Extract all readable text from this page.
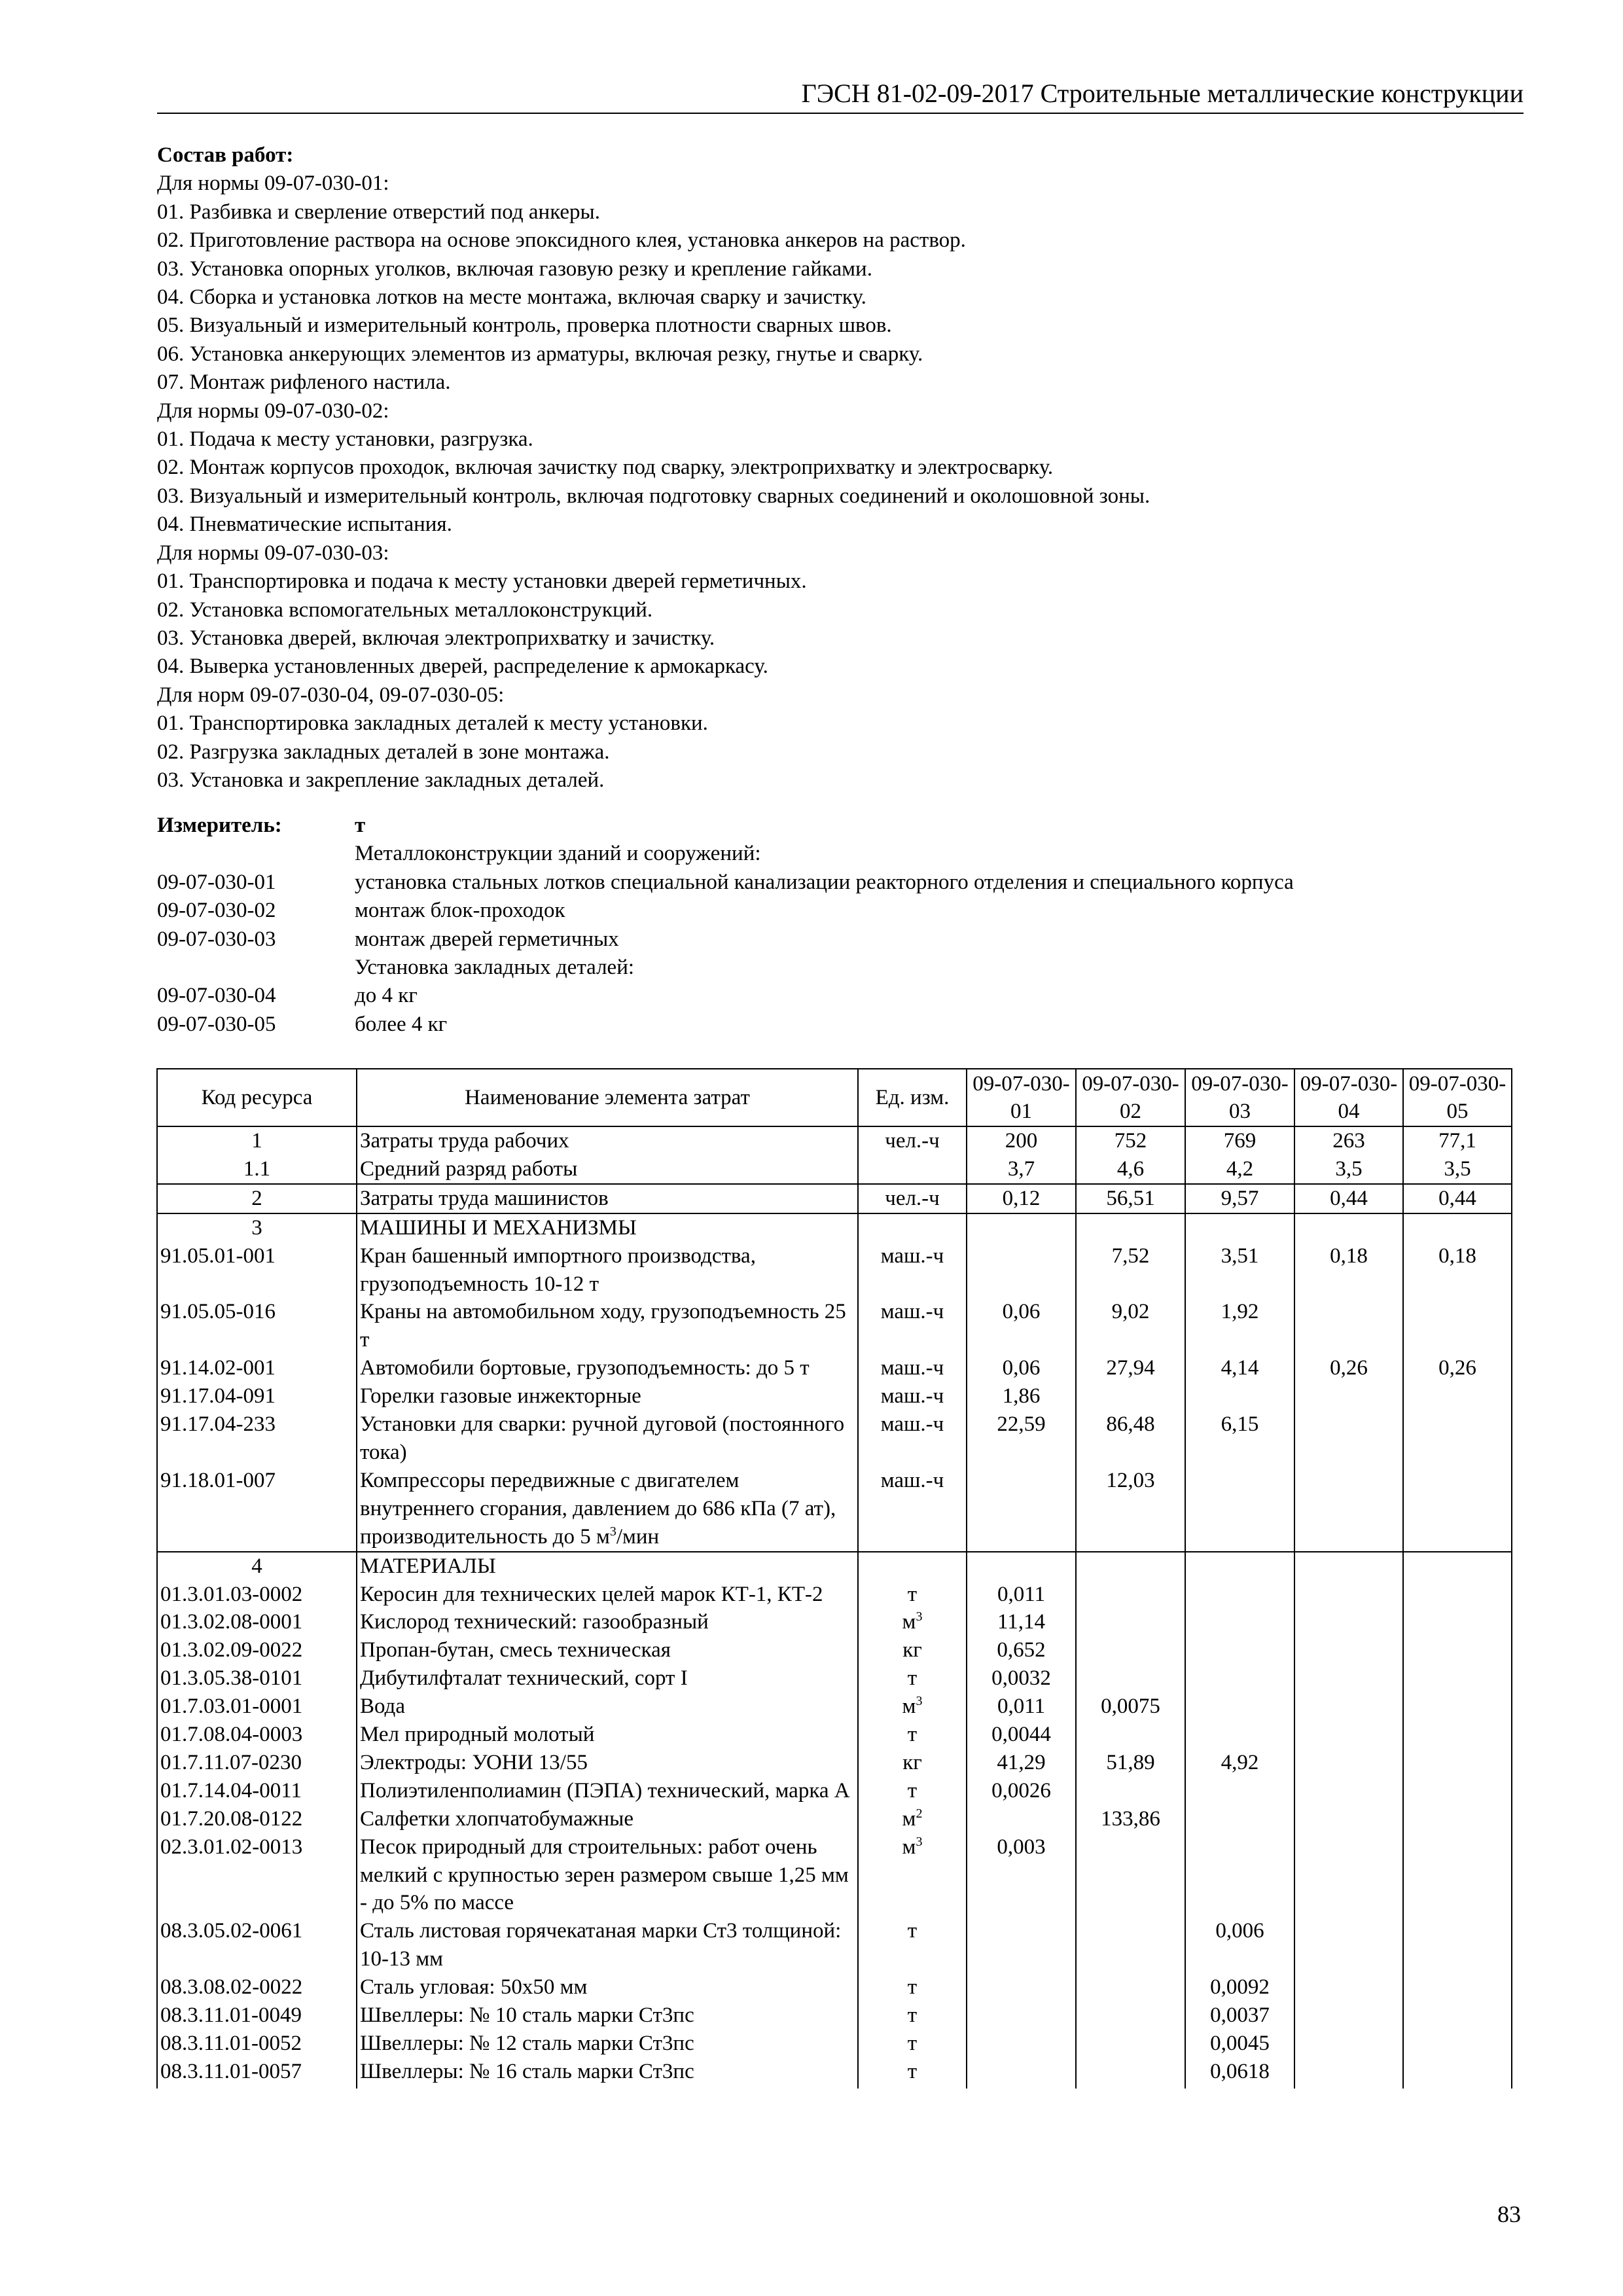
ГЭСН 81-02-09-2017 Строительные металлические конструкции
Состав работ:
Для нормы 09-07-030-01:
01. Разбивка и сверление отверстий под анкеры.
02. Приготовление раствора на основе эпоксидного клея, установка анкеров на раствор.
03. Установка опорных уголков, включая газовую резку и крепление гайками.
04. Сборка и установка лотков на месте монтажа, включая сварку и зачистку.
05. Визуальный и измерительный контроль, проверка плотности сварных швов.
06. Установка анкерующих элементов из арматуры, включая резку, гнутье и сварку.
07. Монтаж рифленого настила.
Для нормы 09-07-030-02:
01. Подача к месту установки, разгрузка.
02. Монтаж корпусов проходок, включая зачистку под сварку, электроприхватку и электросварку.
03. Визуальный и измерительный контроль, включая подготовку сварных соединений и околошовной зоны.
04. Пневматические испытания.
Для нормы 09-07-030-03:
01. Транспортировка и подача к месту установки дверей герметичных.
02. Установка вспомогательных металлоконструкций.
03. Установка дверей, включая электроприхватку и зачистку.
04. Выверка установленных дверей, распределение к армокаркасу.
Для норм 09-07-030-04, 09-07-030-05:
01. Транспортировка закладных деталей к месту установки.
02. Разгрузка закладных деталей в зоне монтажа.
03. Установка и закрепление закладных деталей.
Измеритель:	т
Металлоконструкции зданий и сооружений:
09-07-030-01	установка стальных лотков специальной канализации реакторного отделения и специального корпуса
09-07-030-02	монтаж блок-проходок
09-07-030-03	монтаж дверей герметичных
Установка закладных деталей:
09-07-030-04	до 4 кг
09-07-030-05	более 4 кг
Код ресурса	Наименование элемента затрат	Ед. изм.	09-07-030-01	09-07-030-02	09-07-030-03	09-07-030-04	09-07-030-05
1	Затраты труда рабочих	чел.-ч	200	752	769	263	77,1
1.1	Средний разряд работы		3,7	4,6	4,2	3,5	3,5
2	Затраты труда машинистов	чел.-ч	0,12	56,51	9,57	0,44	0,44
3	МАШИНЫ И МЕХАНИЗМЫ						
91.05.01-001	Кран башенный импортного производства, грузоподъемность 10-12 т	маш.-ч		7,52	3,51	0,18	0,18
91.05.05-016	Краны на автомобильном ходу, грузоподъемность 25 т	маш.-ч	0,06	9,02	1,92		
91.14.02-001	Автомобили бортовые, грузоподъемность: до 5 т	маш.-ч	0,06	27,94	4,14	0,26	0,26
91.17.04-091	Горелки газовые инжекторные	маш.-ч	1,86				
91.17.04-233	Установки для сварки: ручной дуговой (постоянного тока)	маш.-ч	22,59	86,48	6,15		
91.18.01-007	Компрессоры передвижные с двигателем внутреннего сгорания, давлением до 686 кПа (7 ат), производительность до 5 $м^3$/мин	маш.-ч		12,03			
4	МАТЕРИАЛЫ						
01.3.01.03-0002	Керосин для технических целей марок КТ-1, КТ-2	т	0,011				
01.3.02.08-0001	Кислород технический: газообразный	$м^3$	11,14				
01.3.02.09-0022	Пропан-бутан, смесь техническая	кг	0,652				
01.3.05.38-0101	Дибутилфталат технический, сорт I	т	0,0032				
01.7.03.01-0001	Вода	$м^3$	0,011	0,0075			
01.7.08.04-0003	Мел природный молотый	т	0,0044				
01.7.11.07-0230	Электроды: УОНИ 13/55	кг	41,29	51,89	4,92		
01.7.14.04-0011	Полиэтиленполиамин (ПЭПА) технический, марка А	т	0,0026				
01.7.20.08-0122	Салфетки хлопчатобумажные	$м^2$		133,86			
02.3.01.02-0013	Песок природный для строительных: работ очень мелкий с крупностью зерен размером свыше 1,25 мм - до 5% по массе	$м^3$	0,003				
08.3.05.02-0061	Сталь листовая горячекатаная марки Ст3 толщиной: 10-13 мм	т			0,006		
08.3.08.02-0022	Сталь угловая: 50х50 мм	т			0,0092		
08.3.11.01-0049	Швеллеры: № 10 сталь марки Ст3пс	т			0,0037		
08.3.11.01-0052	Швеллеры: № 12 сталь марки Ст3пс	т			0,0045		
08.3.11.01-0057	Швеллеры: № 16 сталь марки Ст3пс	т			0,0618		

83
